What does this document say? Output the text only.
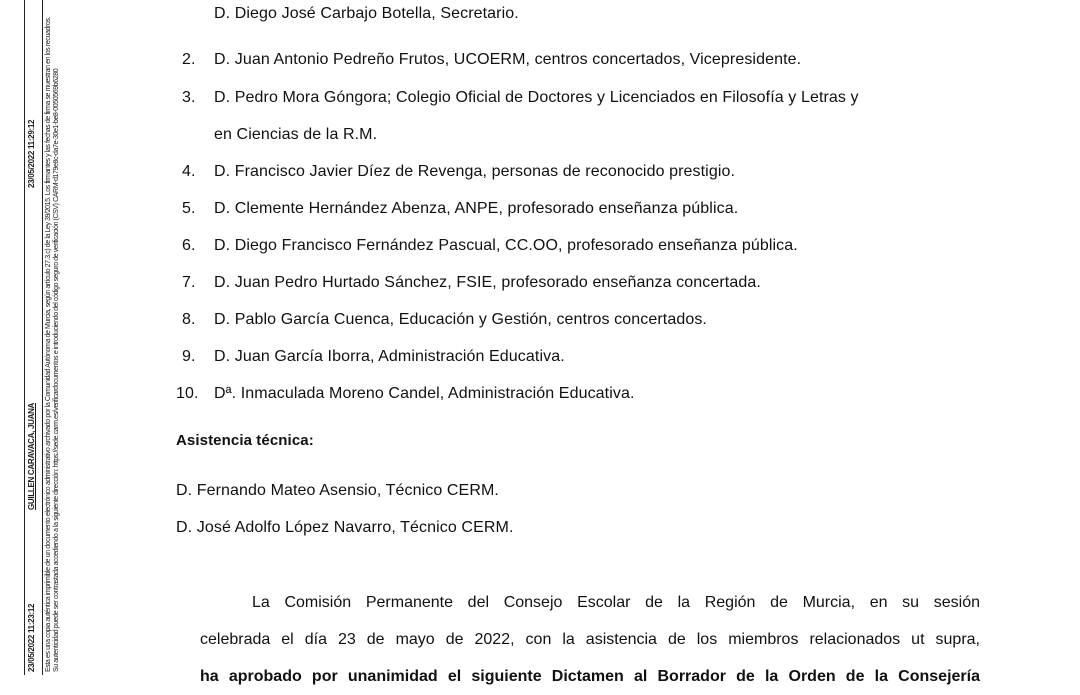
23/05/2022 11:23:12
GUILLEN CARAVACA, JUANA
23/05/2022 11:29:12 Esta es una copia auténtica imprimible de un documento electrónico administrativo archivado por la Comunidad Autónoma de Murcia, según artículo 27.3.c) de la Ley 39/2015. Los firmantes y las fechas de firma se muestran en los recuadros. Su autenticidad puede ser contrastada accediendo a la siguiente dirección: https://sede.carm.es/verificardocumentos e introduciendo del código seguro de verificación (CSV) CARM-d179e8c-da7e-30e1-be8-0050569b6280
D. Diego José Carbajo Botella, Secretario.
2. D. Juan Antonio Pedreño Frutos, UCOERM, centros concertados, Vicepresidente.
3. D. Pedro Mora Góngora; Colegio Oficial de Doctores y Licenciados en Filosofía y Letras y
en Ciencias de la R.M.
4. D. Francisco Javier Díez de Revenga, personas de reconocido prestigio.
5. D. Clemente Hernández Abenza, ANPE, profesorado enseñanza pública.
6. D. Diego Francisco Fernández Pascual, CC.OO, profesorado enseñanza pública.
7. D. Juan Pedro Hurtado Sánchez, FSIE, profesorado enseñanza concertada.
8. D. Pablo García Cuenca, Educación y Gestión, centros concertados.
9. D. Juan García Iborra, Administración Educativa.
10. Dª. Inmaculada Moreno Candel, Administración Educativa.
Asistencia técnica:
D. Fernando Mateo Asensio, Técnico CERM.
D. José Adolfo López Navarro, Técnico CERM.
La Comisión Permanente del Consejo Escolar de la Región de Murcia, en su sesión
celebrada el día 23 de mayo de 2022, con la asistencia de los miembros relacionados ut supra,
ha aprobado por unanimidad el siguiente Dictamen al Borrador de la Orden de la Consejería
